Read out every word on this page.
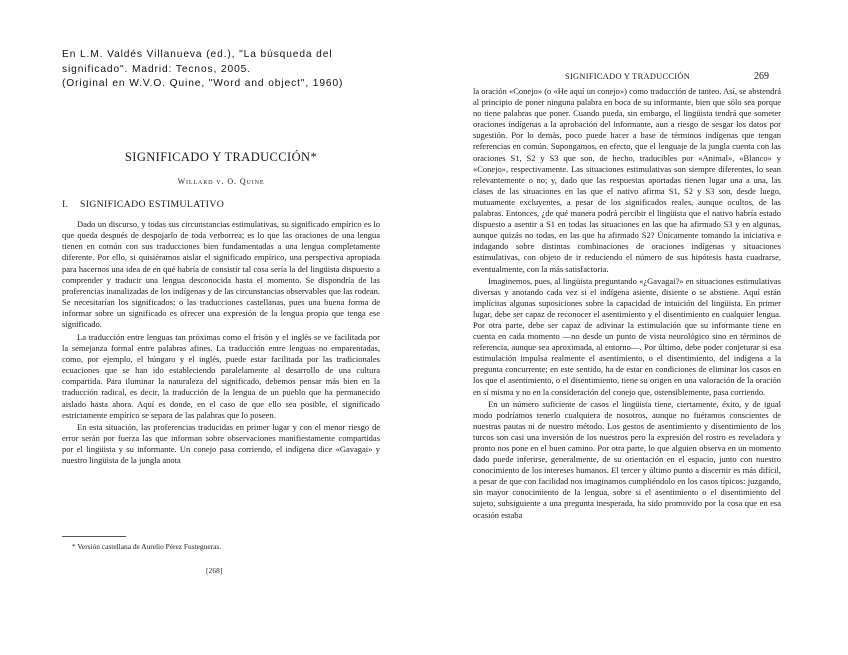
En L.M. Valdés Villanueva (ed.), "La búsqueda del
significado". Madrid: Tecnos, 2005.
(Original en W.V.O. Quine, "Word and object", 1960)
SIGNIFICADO Y TRADUCCIÓN*
Willard v. O. Quine
I. SIGNIFICADO ESTIMULATIVO

Dado un discurso, y todas sus circunstancias estimulativas, su significado empírico es lo que queda después de despojarlo de toda verborrea; es lo que las oraciones de una lengua tienen en común con sus traducciones bien fundamentadas a una lengua completamente diferente. Por ello, si quisiéramos aislar el significado empírico, una perspectiva apropiada para hacernos una idea de en qué habría de consistir tal cosa sería la del lingüista dispuesto a comprender y traducir una lengua desconocida hasta el momento. Se dispondría de las proferencias inanalizadas de los indígenas y de las circunstancias observables que las rodean. Se necesitarían los significados; o las traducciones castellanas, pues una buena forma de informar sobre un significado es ofrecer una expresión de la lengua propia que tenga ese significado.

La traducción entre lenguas tan próximas como el frisón y el inglés se ve facilitada por la semejanza formal entre palabras afines. La traducción entre lenguas no emparentadas, como, por ejemplo, el húngaro y el inglés, puede estar facilitada por las tradicionales ecuaciones que se han ido estableciendo paralelamente al desarrollo de una cultura compartida. Para iluminar la naturaleza del significado, debemos pensar más bien en la traducción radical, es decir, la traducción de la lengua de un pueblo que ha permanecido aislado hasta ahora. Aquí es donde, en el caso de que ello sea posible, el significado estrictamente empírico se separa de las palabras que lo poseen.

En esta situación, las proferencias traducidas en primer lugar y con el menor riesgo de error serán por fuerza las que informan sobre observaciones manifiestamente compartidas por el lingüista y su informante. Un conejo pasa corriendo, el indígena dice «Gavagai» y nuestro lingüista de la jungla anota

* Versión castellana de Aurelio Pérez Fustegueras.
[268]
SIGNIFICADO Y TRADUCCIÓN	269

la oración «Conejo» (o «He aquí un conejo») como traducción de tanteo. Así, se abstendrá al principio de poner ninguna palabra en boca de su informante, bien que sólo sea porque no tiene palabras que poner. Cuando pueda, sin embargo, el lingüista tendrá que someter oraciones indígenas a la aprobación del informante, aun a riesgo de sesgar los datos por sugestión. Por lo demás, poco puede hacer a base de términos indígenas que tengan referencias en común. Supongamos, en efecto, que el lenguaje de la jungla cuenta con las oraciones S1, S2 y S3 que son, de hecho, traducibles por «Animal», «Blanco» y «Conejo», respectivamente. Las situaciones estimulativas son siempre diferentes, lo sean relevantemente o no; y, dado que las respuestas aportadas tienen lugar una a una, las clases de las situaciones en las que el nativo afirma S1, S2 y S3 son, desde luego, mutuamente excluyentes, a pesar de los significados reales, aunque ocultos, de las palabras. Entonces, ¿de qué manera podrá percibir el lingüista que el nativo habría estado dispuesto a asentir a S1 en todas las situaciones en las que ha afirmado S3 y en algunas, aunque quizás no todas, en las que ha afirmado S2? Únicamente tomando la iniciativa e indagando sobre distintas combinaciones de oraciones indígenas y situaciones estimulativas, con objeto de ir reduciendo el número de sus hipótesis hasta cuadrarse, eventualmente, con la más satisfactoria.

Imaginemos, pues, al lingüista preguntando «¿Gavagai?» en situaciones estimulativas diversas y anotando cada vez si el indígena asiente, disiente o se abstiene. Aquí están implícitas algunas suposiciones sobre la capacidad de intuición del lingüista. En primer lugar, debe ser capaz de reconocer el asentimiento y el disentimiento en cualquier lengua. Por otra parte, debe ser capaz de adivinar la estimulación que su informante tiene en cuenta en cada momento —no desde un punto de vista neurológico sino en términos de referencia, aunque sea aproximada, al entorno—. Por último, debe poder conjeturar si esa estimulación impulsa realmente el asentimiento, o el disentimiento, del indígena a la pregunta concurrente; en este sentido, ha de estar en condiciones de eliminar los casos en los que el asentimiento, o el disentimiento, tiene su origen en una valoración de la oración en sí misma y no en la consideración del conejo que, ostensiblemente, pasa corriendo.

En un número suficiente de casos el lingüista tiene, ciertamente, éxito, y de igual modo podríamos tenerlo cualquiera de nosotros, aunque no fuéramos conscientes de nuestras pautas ni de nuestro método. Los gestos de asentimiento y disentimiento de los turcos son casi una inversión de los nuestros pero la expresión del rostro es reveladora y pronto nos pone en el buen camino. Por otra parte, lo que alguien observa en un momento dado puede inferirse, generalmente, de su orientación en el espacio, junto con nuestro conocimiento de los intereses humanos. El tercer y último punto a discernir es más difícil, a pesar de que con facilidad nos imaginamos cumpliéndolo en los casos típicos: juzgando, sin mayor conocimiento de la lengua, sobre si el asentimiento o el disentimiento del sujeto, subsiguiente a una pregunta inesperada, ha sido promovido por la cosa que en esa ocasión estaba
